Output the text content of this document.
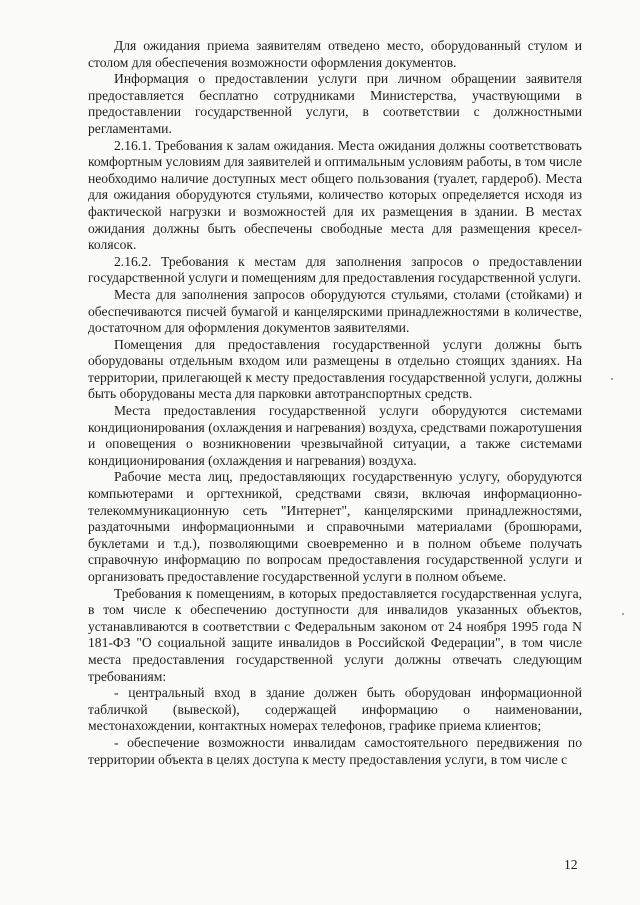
Для ожидания приема заявителям отведено место, оборудованный стулом и столом для обеспечения возможности оформления документов.

Информация о предоставлении услуги при личном обращении заявителя предоставляется бесплатно сотрудниками Министерства, участвующими в предоставлении государственной услуги, в соответствии с должностными регламентами.

2.16.1. Требования к залам ожидания. Места ожидания должны соответствовать комфортным условиям для заявителей и оптимальным условиям работы, в том числе необходимо наличие доступных мест общего пользования (туалет, гардероб). Места для ожидания оборудуются стульями, количество которых определяется исходя из фактической нагрузки и возможностей для их размещения в здании. В местах ожидания должны быть обеспечены свободные места для размещения кресел-колясок.

2.16.2. Требования к местам для заполнения запросов о предоставлении государственной услуги и помещениям для предоставления государственной услуги.

Места для заполнения запросов оборудуются стульями, столами (стойками) и обеспечиваются писчей бумагой и канцелярскими принадлежностями в количестве, достаточном для оформления документов заявителями.

Помещения для предоставления государственной услуги должны быть оборудованы отдельным входом или размещены в отдельно стоящих зданиях. На территории, прилегающей к месту предоставления государственной услуги, должны быть оборудованы места для парковки автотранспортных средств.

Места предоставления государственной услуги оборудуются системами кондиционирования (охлаждения и нагревания) воздуха, средствами пожаротушения и оповещения о возникновении чрезвычайной ситуации, а также системами кондиционирования (охлаждения и нагревания) воздуха.

Рабочие места лиц, предоставляющих государственную услугу, оборудуются компьютерами и оргтехникой, средствами связи, включая информационно-телекоммуникационную сеть "Интернет", канцелярскими принадлежностями, раздаточными информационными и справочными материалами (брошюрами, буклетами и т.д.), позволяющими своевременно и в полном объеме получать справочную информацию по вопросам предоставления государственной услуги и организовать предоставление государственной услуги в полном объеме.

Требования к помещениям, в которых предоставляется государственная услуга, в том числе к обеспечению доступности для инвалидов указанных объектов, устанавливаются в соответствии с Федеральным законом от 24 ноября 1995 года N 181-ФЗ "О социальной защите инвалидов в Российской Федерации", в том числе места предоставления государственной услуги должны отвечать следующим требованиям:

- центральный вход в здание должен быть оборудован информационной табличкой (вывеской), содержащей информацию о наименовании, местонахождении, контактных номерах телефонов, графике приема клиентов;

- обеспечение возможности инвалидам самостоятельного передвижения по территории объекта в целях доступа к месту предоставления услуги, в том числе с

12
